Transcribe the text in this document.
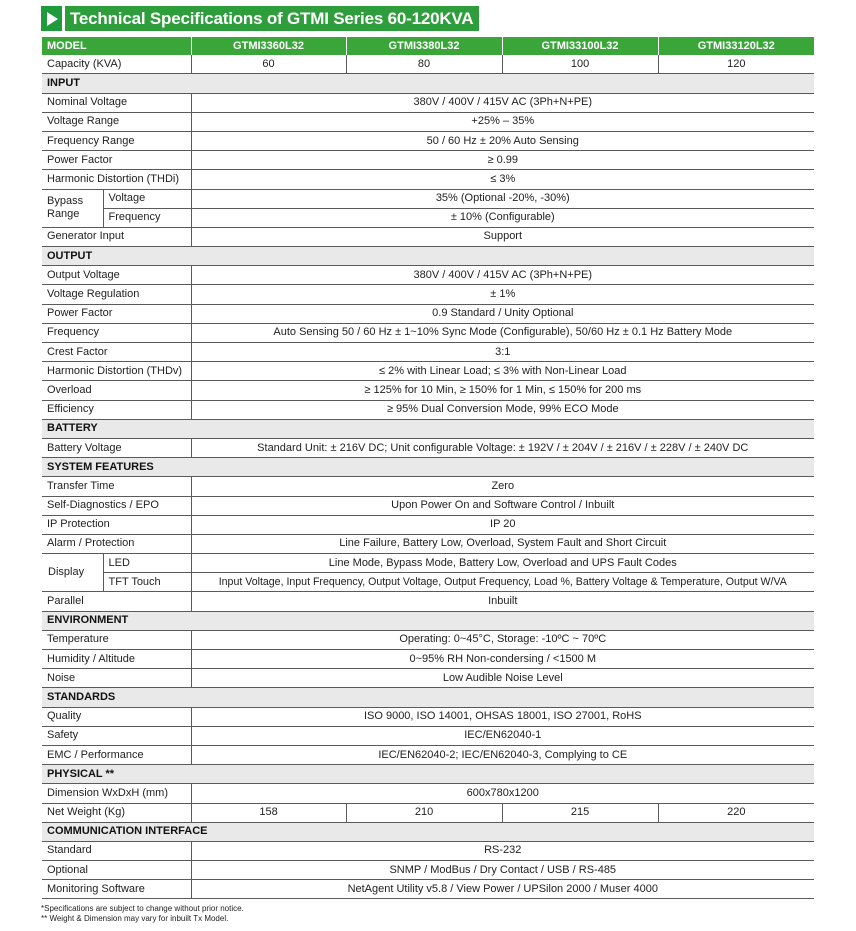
Technical Specifications of GTMI Series 60-120KVA
MODEL		GTMI3360L32	GTMI3380L32	GTMI33100L32	GTMI33120L32
Capacity (KVA)		60	80	100	120
INPUT					
Nominal Voltage		380V / 400V / 415V AC (3Ph+N+PE)			
Voltage Range		+25% – 35%			
Frequency Range		50 / 60 Hz ± 20% Auto Sensing			
Power Factor		≥ 0.99			
Harmonic Distortion (THDi)		≤ 3%			
Bypass Range	Voltage	35% (Optional -20%, -30%)			
	Frequency	± 10% (Configurable)			
Generator Input		Support			
OUTPUT					
Output Voltage		380V / 400V / 415V AC (3Ph+N+PE)			
Voltage Regulation		± 1%			
Power Factor		0.9 Standard / Unity Optional			
Frequency		Auto Sensing 50 / 60 Hz ± 1~10% Sync Mode (Configurable), 50/60 Hz ± 0.1 Hz Battery Mode			
Crest Factor		3:1			
Harmonic Distortion (THDv)		≤ 2% with Linear Load; ≤ 3% with Non-Linear Load			
Overload		≥ 125% for 10 Min, ≥ 150% for 1 Min, ≤ 150% for 200 ms			
Efficiency		≥ 95% Dual Conversion Mode, 99% ECO Mode			
BATTERY					
Battery Voltage		Standard Unit: ± 216V DC; Unit configurable Voltage: ± 192V / ± 204V / ± 216V / ± 228V / ± 240V DC			
SYSTEM FEATURES					
Transfer Time		Zero			
Self-Diagnostics / EPO		Upon Power On and Software Control / Inbuilt			
IP Protection		IP 20			
Alarm / Protection		Line Failure, Battery Low, Overload, System Fault and Short Circuit			
Display	LED	Line Mode, Bypass Mode, Battery Low, Overload and UPS Fault Codes			
	TFT Touch	Input Voltage, Input Frequency, Output Voltage, Output Frequency, Load %, Battery Voltage & Temperature, Output W/VA			
Parallel		Inbuilt			
ENVIRONMENT					
Temperature		Operating: 0~45°C, Storage: -10ºC ~ 70ºC			
Humidity / Altitude		0~95% RH Non-condersing / <1500 M			
Noise		Low Audible Noise Level			
STANDARDS					
Quality		ISO 9000, ISO 14001, OHSAS 18001, ISO 27001, RoHS			
Safety		IEC/EN62040-1			
EMC / Performance		IEC/EN62040-2; IEC/EN62040-3, Complying to CE			
PHYSICAL **					
Dimension WxDxH (mm)		600x780x1200			
Net Weight (Kg)		158	210	215	220
COMMUNICATION INTERFACE					
Standard		RS-232			
Optional		SNMP / ModBus / Dry Contact / USB / RS-485			
Monitoring Software		NetAgent Utility v5.8 / View Power / UPSilon 2000 / Muser 4000			
*Specifications are subject to change without prior notice.
** Weight & Dimension may vary for inbuilt Tx Model.
